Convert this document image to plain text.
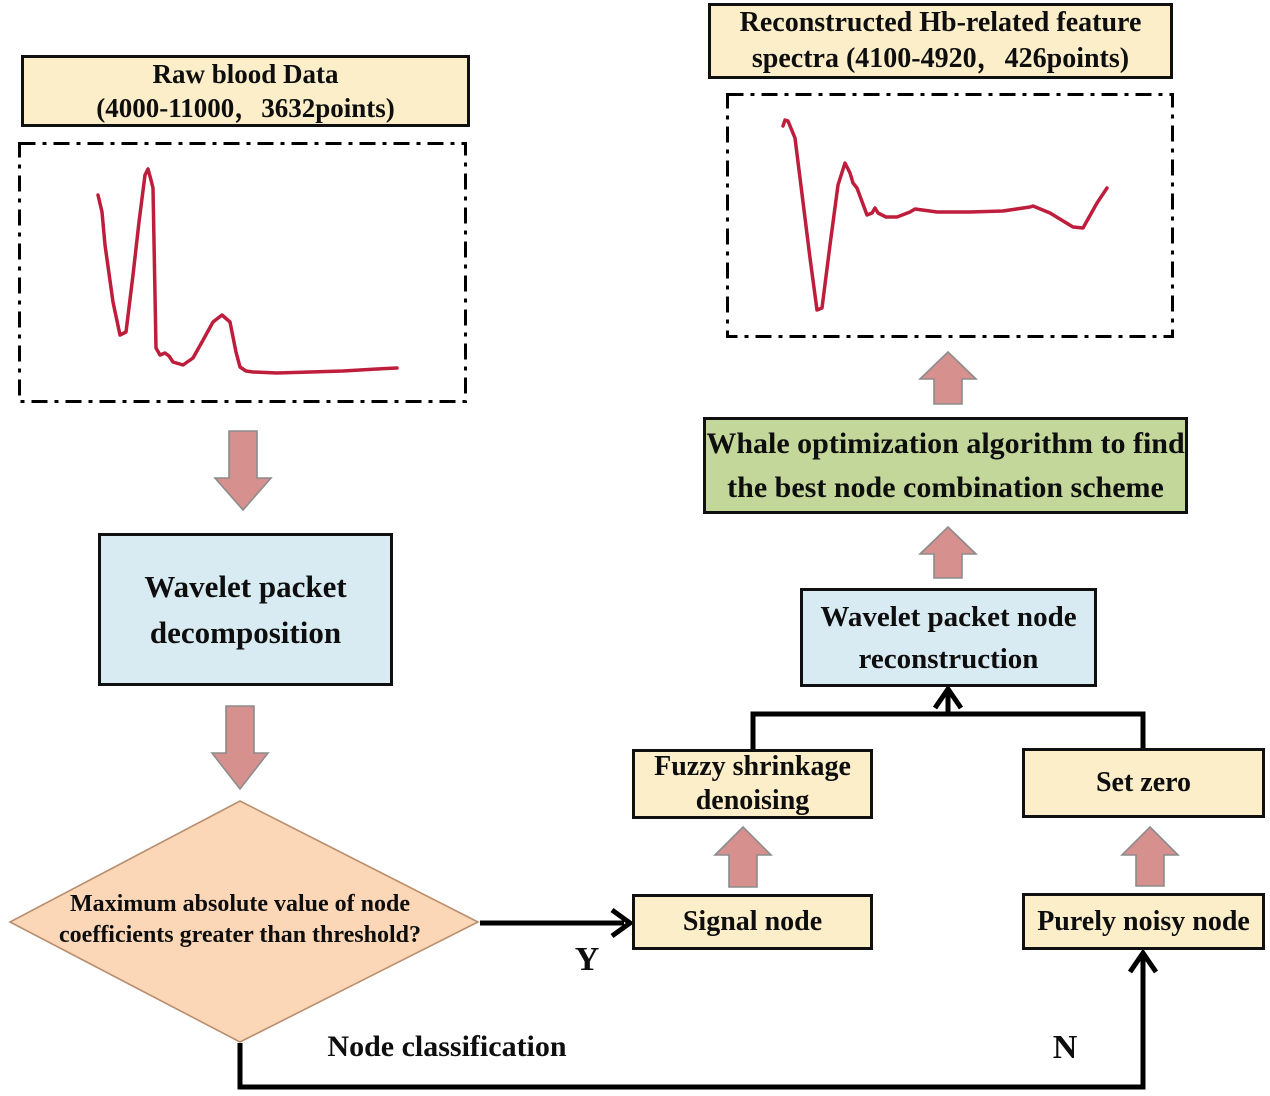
Raw blood Data
(4000-11000，3632points)
Wavelet packet
decomposition
Maximum absolute value of node
coefficients greater than threshold?
Reconstructed Hb-related feature
spectra (4100-4920，426points)
Whale optimization algorithm to find
the best node combination scheme
Wavelet packet node
reconstruction
Fuzzy shrinkage
denoising
Set zero
Signal node	Purely noisy node
Y
N
Node classification
